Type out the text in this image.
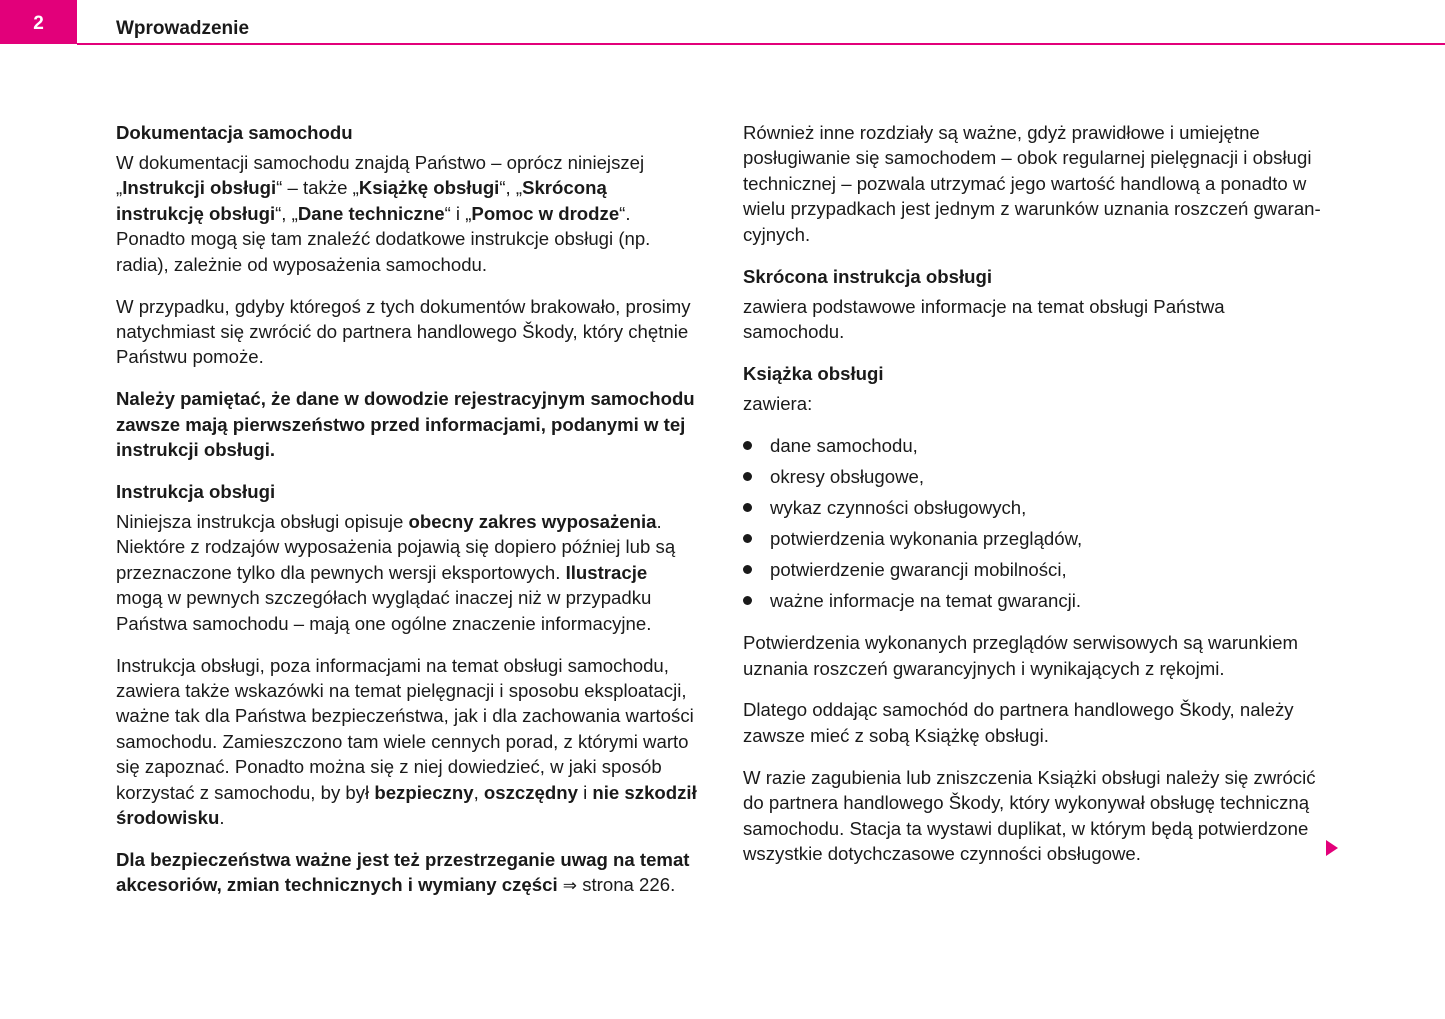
2	Wprowadzenie
Dokumentacja samochodu

W dokumentacji samochodu znajdą Państwo – oprócz niniejszej „Instrukcji obsługi“ – także „Książkę obsługi“, „Skróconą instrukcję obsługi“, „Dane techniczne“ i „Pomoc w drodze“. Ponadto mogą się tam znaleźć dodatkowe instrukcje obsługi (np. radia), zależnie od wyposażenia samochodu.

W przypadku, gdyby któregoś z tych dokumentów brakowało, prosimy natychmiast się zwrócić do partnera handlowego Škody, który chętnie Państwu pomoże.

Należy pamiętać, że dane w dowodzie rejestracyjnym samochodu zawsze mają pierwszeństwo przed informacjami, podanymi w tej instrukcji obsługi.

Instrukcja obsługi

Niniejsza instrukcja obsługi opisuje obecny zakres wyposażenia. Niektóre z rodzajów wyposażenia pojawią się dopiero później lub są przeznaczone tylko dla pewnych wersji eksportowych. Ilustracje mogą w pewnych szczegółach wyglądać inaczej niż w przypadku Państwa samochodu – mają one ogólne znaczenie informacyjne.

Instrukcja obsługi, poza informacjami na temat obsługi samochodu, zawiera także wskazówki na temat pielęgnacji i sposobu eksploatacji, ważne tak dla Państwa bezpieczeństwa, jak i dla zachowania wartości samochodu. Zamieszczono tam wiele cennych porad, z którymi warto się zapoznać. Ponadto można się z niej dowiedzieć, w jaki sposób korzystać z samochodu, by był bezpieczny, oszczędny i nie szkodził środowisku.

Dla bezpieczeństwa ważne jest też przestrzeganie uwag na temat akcesoriów, zmian technicznych i wymiany części ⇒ strona 226.

Również inne rozdziały są ważne, gdyż prawidłowe i umiejętne posługiwanie się samochodem – obok regularnej pielęgnacji i obsługi technicznej – pozwala utrzymać jego wartość handlową a ponadto w wielu przypadkach jest jednym z warunków uznania roszczeń gwarancyjnych.

Skrócona instrukcja obsługi

zawiera podstawowe informacje na temat obsługi Państwa samochodu.

Książka obsługi

zawiera:

dane samochodu,
okresy obsługowe,
wykaz czynności obsługowych,
potwierdzenia wykonania przeglądów,
potwierdzenie gwarancji mobilności,
ważne informacje na temat gwarancji.

Potwierdzenia wykonanych przeglądów serwisowych są warunkiem uznania roszczeń gwarancyjnych i wynikających z rękojmi.

Dlatego oddając samochód do partnera handlowego Škody, należy zawsze mieć z sobą Książkę obsługi.

W razie zagubienia lub zniszczenia Książki obsługi należy się zwrócić do partnera handlowego Škody, który wykonywał obsługę techniczną samochodu. Stacja ta wystawi duplikat, w którym będą potwierdzone wszystkie dotychczasowe czynności obsługowe.
